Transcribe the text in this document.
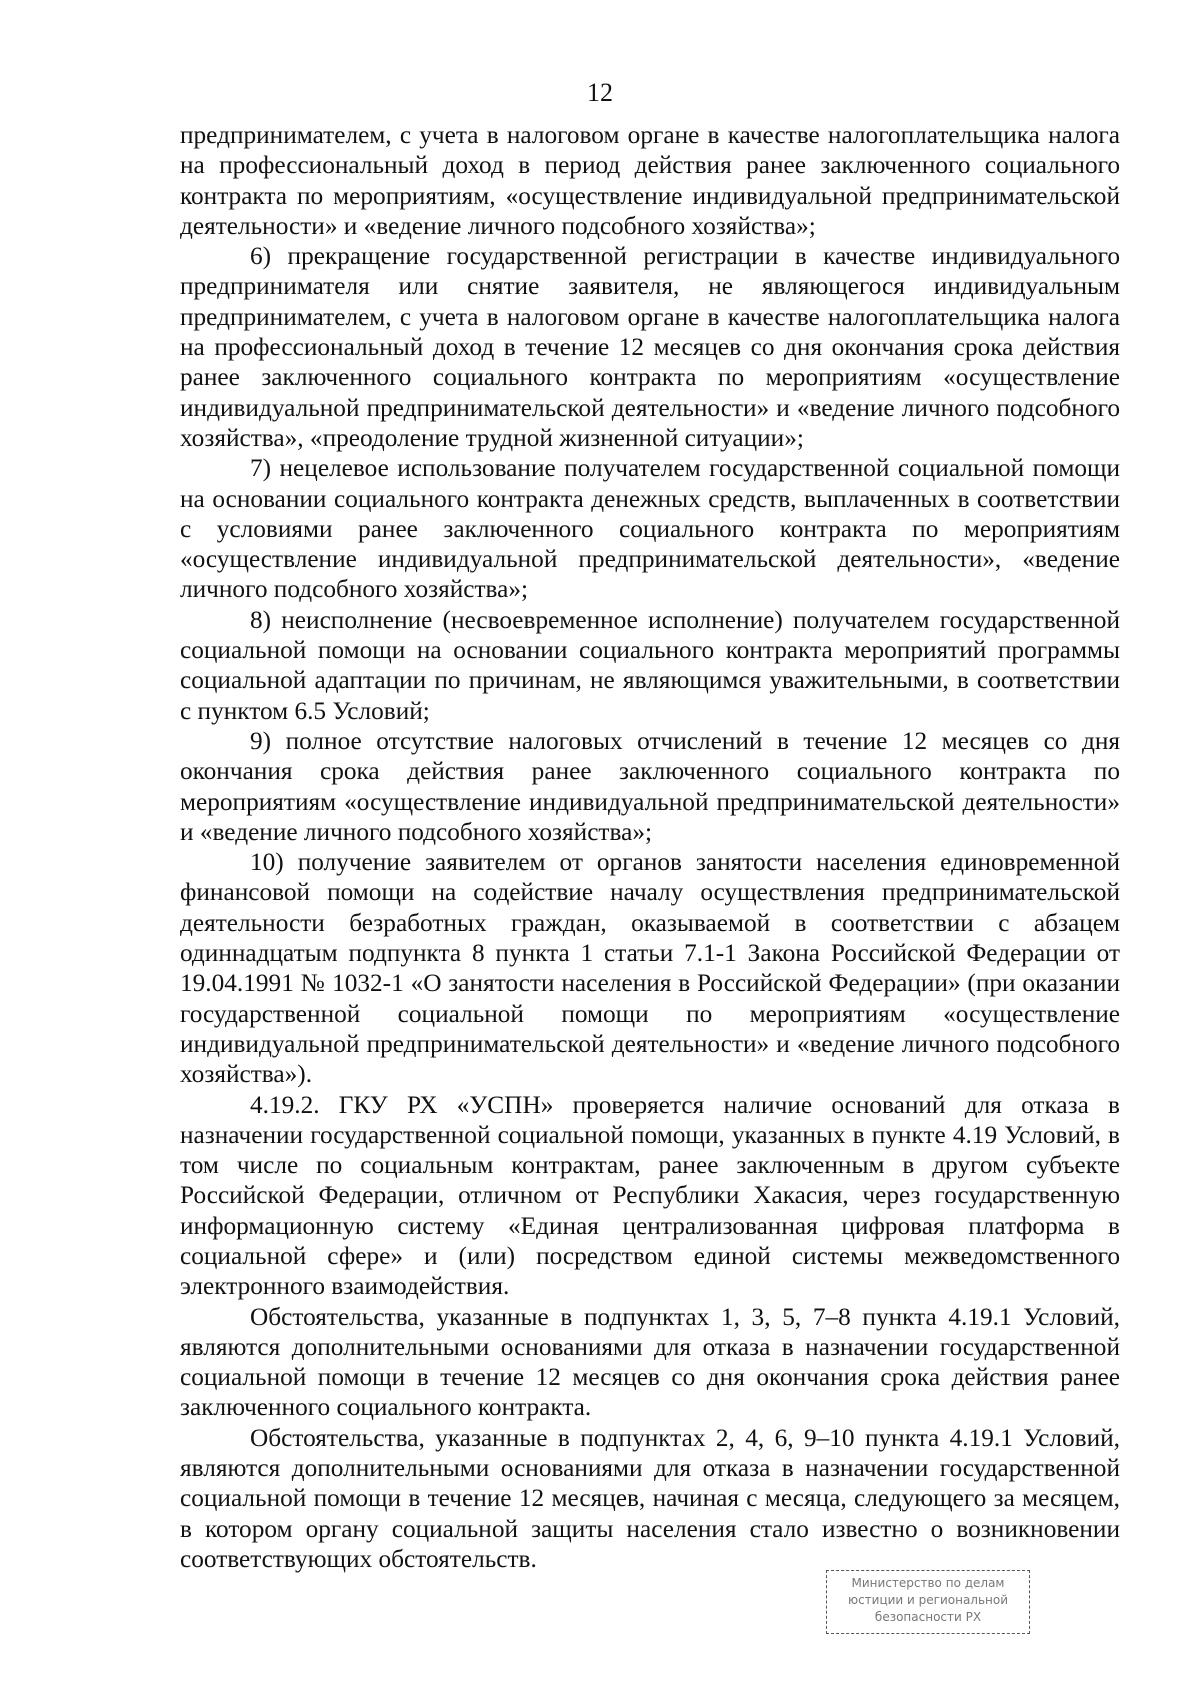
12

предпринимателем, с учета в налоговом органе в качестве налогоплательщика налога на профессиональный доход в период действия ранее заключенного социального контракта по мероприятиям, «осуществление индивидуальной предпринимательской деятельности» и «ведение личного подсобного хозяйства»;

6) прекращение государственной регистрации в качестве индивидуального предпринимателя или снятие заявителя, не являющегося индивидуальным предпринимателем, с учета в налоговом органе в качестве налогоплательщика налога на профессиональный доход в течение 12 месяцев со дня окончания срока действия ранее заключенного социального контракта по мероприятиям «осуществление индивидуальной предпринимательской деятельности» и «ведение личного подсобного хозяйства», «преодоление трудной жизненной ситуации»;

7) нецелевое использование получателем государственной социальной помощи на основании социального контракта денежных средств, выплаченных в соответствии с условиями ранее заключенного социального контракта по мероприятиям «осуществление индивидуальной предпринимательской деятельности», «ведение личного подсобного хозяйства»;

8) неисполнение (несвоевременное исполнение) получателем государственной социальной помощи на основании социального контракта мероприятий программы социальной адаптации по причинам, не являющимся уважительными, в соответствии с пунктом 6.5 Условий;

9) полное отсутствие налоговых отчислений в течение 12 месяцев со дня окончания срока действия ранее заключенного социального контракта по мероприятиям «осуществление индивидуальной предпринимательской деятельности» и «ведение личного подсобного хозяйства»;

10) получение заявителем от органов занятости населения единовременной финансовой помощи на содействие началу осуществления предпринимательской деятельности безработных граждан, оказываемой в соответствии с абзацем одиннадцатым подпункта 8 пункта 1 статьи 7.1-1 Закона Российской Федерации от 19.04.1991 № 1032-1 «О занятости населения в Российской Федерации» (при оказании государственной социальной помощи по мероприятиям «осуществление индивидуальной предпринимательской деятельности» и «ведение личного подсобного хозяйства»).

4.19.2. ГКУ РХ «УСПН» проверяется наличие оснований для отказа в назначении государственной социальной помощи, указанных в пункте 4.19 Условий, в том числе по социальным контрактам, ранее заключенным в другом субъекте Российской Федерации, отличном от Республики Хакасия, через государственную информационную систему «Единая централизованная цифровая платформа в социальной сфере» и (или) посредством единой системы межведомственного электронного взаимодействия.

Обстоятельства, указанные в подпунктах 1, 3, 5, 7–8 пункта 4.19.1 Условий, являются дополнительными основаниями для отказа в назначении государственной социальной помощи в течение 12 месяцев со дня окончания срока действия ранее заключенного социального контракта.

Обстоятельства, указанные в подпунктах 2, 4, 6, 9–10 пункта 4.19.1 Условий, являются дополнительными основаниями для отказа в назначении государственной социальной помощи в течение 12 месяцев, начиная с месяца, следующего за месяцем, в котором органу социальной защиты населения стало известно о возникновении соответствующих обстоятельств.

Министерство по делам
юстиции и региональной
безопасности РХ
